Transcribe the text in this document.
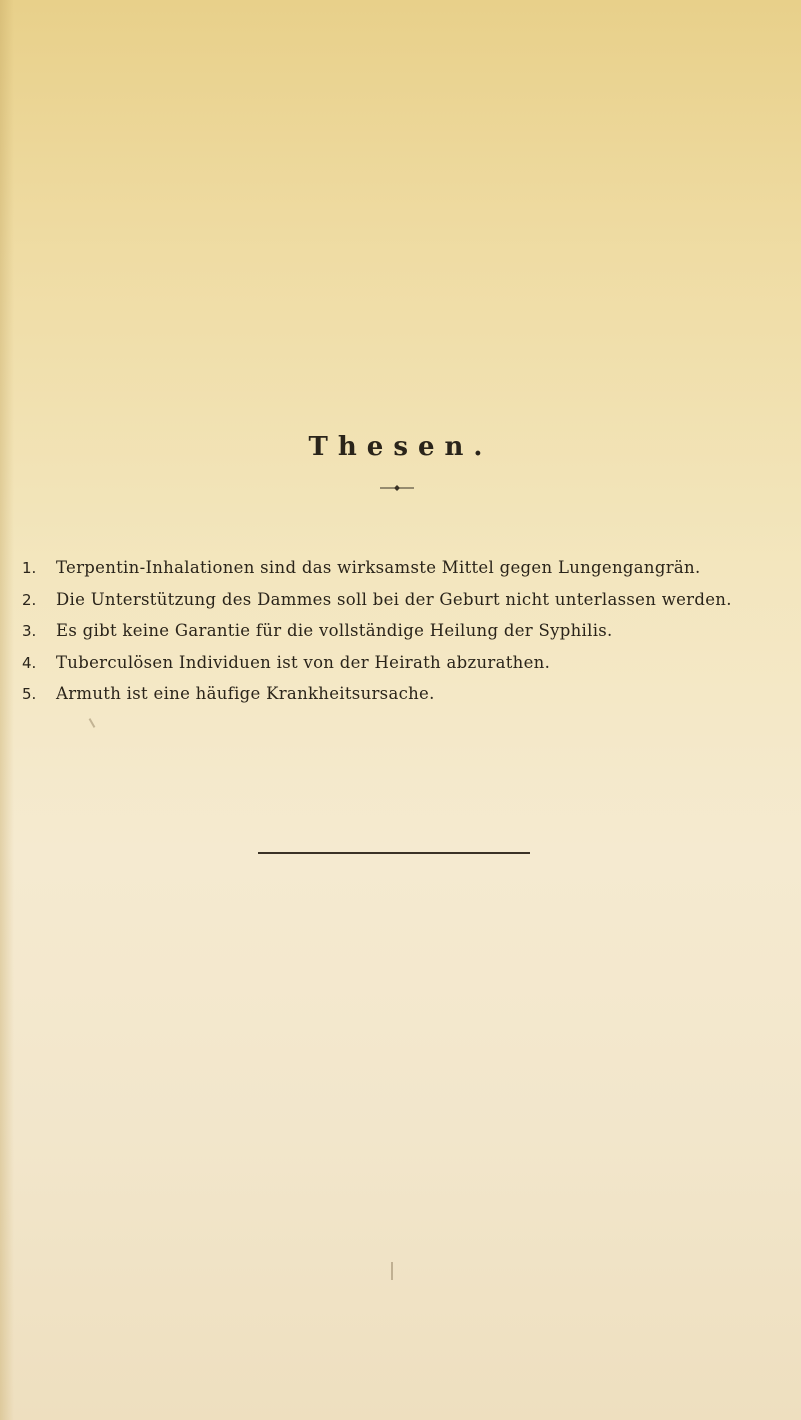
Thesen.
1.	Terpentin-Inhalationen sind das wirksamste Mittel gegen Lungengangrän.
2.	Die Unterstützung des Dammes soll bei der Geburt nicht unterlassen werden.
3.	Es gibt keine Garantie für die vollständige Heilung der Syphilis.
4.	Tuberculösen Individuen ist von der Heirath abzurathen.
5.	Armuth ist eine häufige Krankheitsursache.
